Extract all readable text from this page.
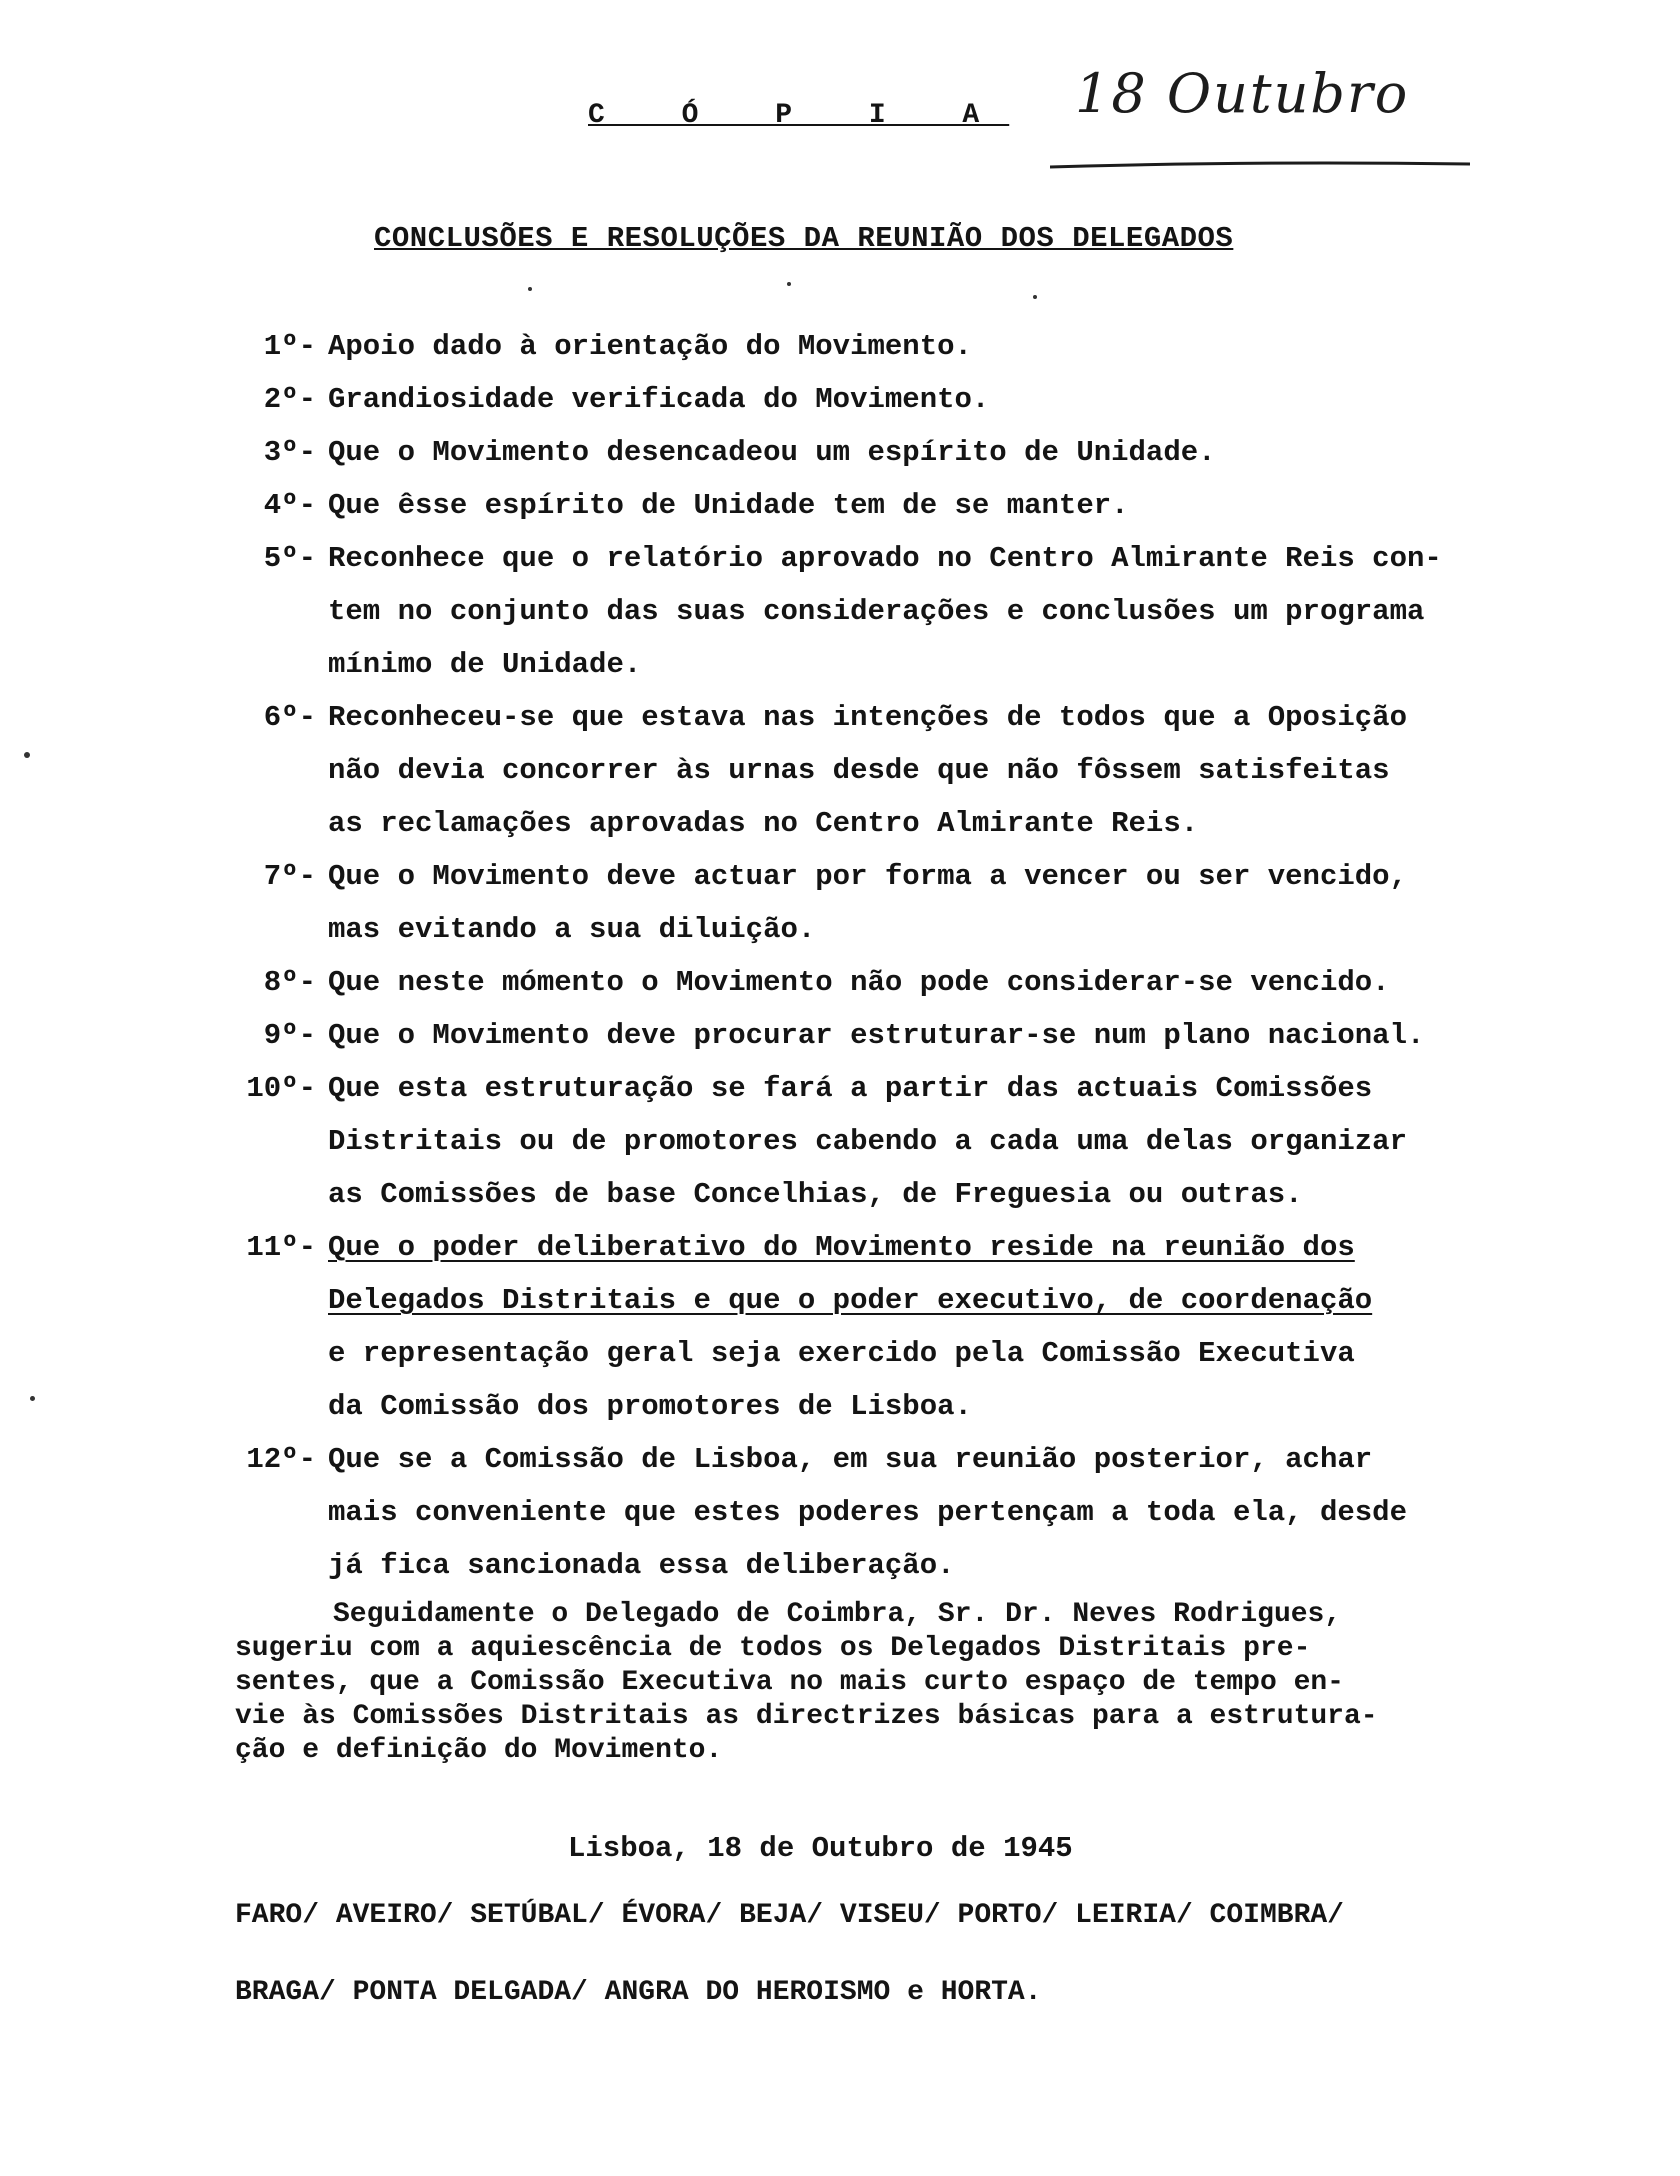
C Ó P I A 18 Outubro
CONCLUSÕES E RESOLUÇÕES DA REUNIÃO DOS DELEGADOS
1º- Apoio dado à orientação do Movimento.
2º- Grandiosidade verificada do Movimento.
3º- Que o Movimento desencadeou um espírito de Unidade.
4º- Que êsse espírito de Unidade tem de se manter.
5º- Reconhece que o relatório aprovado no Centro Almirante Reis con-
tem no conjunto das suas considerações e conclusões um programa
mínimo de Unidade.
6º- Reconheceu-se que estava nas intenções de todos que a Oposição
não devia concorrer às urnas desde que não fôssem satisfeitas
as reclamações aprovadas no Centro Almirante Reis.
7º- Que o Movimento deve actuar por forma a vencer ou ser vencido,
mas evitando a sua diluição.
8º- Que neste mómento o Movimento não pode considerar-se vencido.
9º- Que o Movimento deve procurar estruturar-se num plano nacional.
10º- Que esta estruturação se fará a partir das actuais Comissões
Distritais ou de promotores cabendo a cada uma delas organizar
as Comissões de base Concelhias, de Freguesia ou outras.
11º- Que o poder deliberativo do Movimento reside na reunião dos
Delegados Distritais e que o poder executivo, de coordenação
e representação geral seja exercido pela Comissão Executiva
da Comissão dos promotores de Lisboa.
12º- Que se a Comissão de Lisboa, em sua reunião posterior, achar
mais conveniente que estes poderes pertençam a toda ela, desde
já fica sancionada essa deliberação.
Seguidamente o Delegado de Coimbra, Sr. Dr. Neves Rodrigues,
sugeriu com a aquiescência de todos os Delegados Distritais pre-
sentes, que a Comissão Executiva no mais curto espaço de tempo en-
vie às Comissões Distritais as directrizes básicas para a estrutura-
ção e definição do Movimento.
Lisboa, 18 de Outubro de 1945
FARO/ AVEIRO/ SETÚBAL/ ÉVORA/ BEJA/ VISEU/ PORTO/ LEIRIA/ COIMBRA/
BRAGA/ PONTA DELGADA/ ANGRA DO HEROISMO e HORTA.
